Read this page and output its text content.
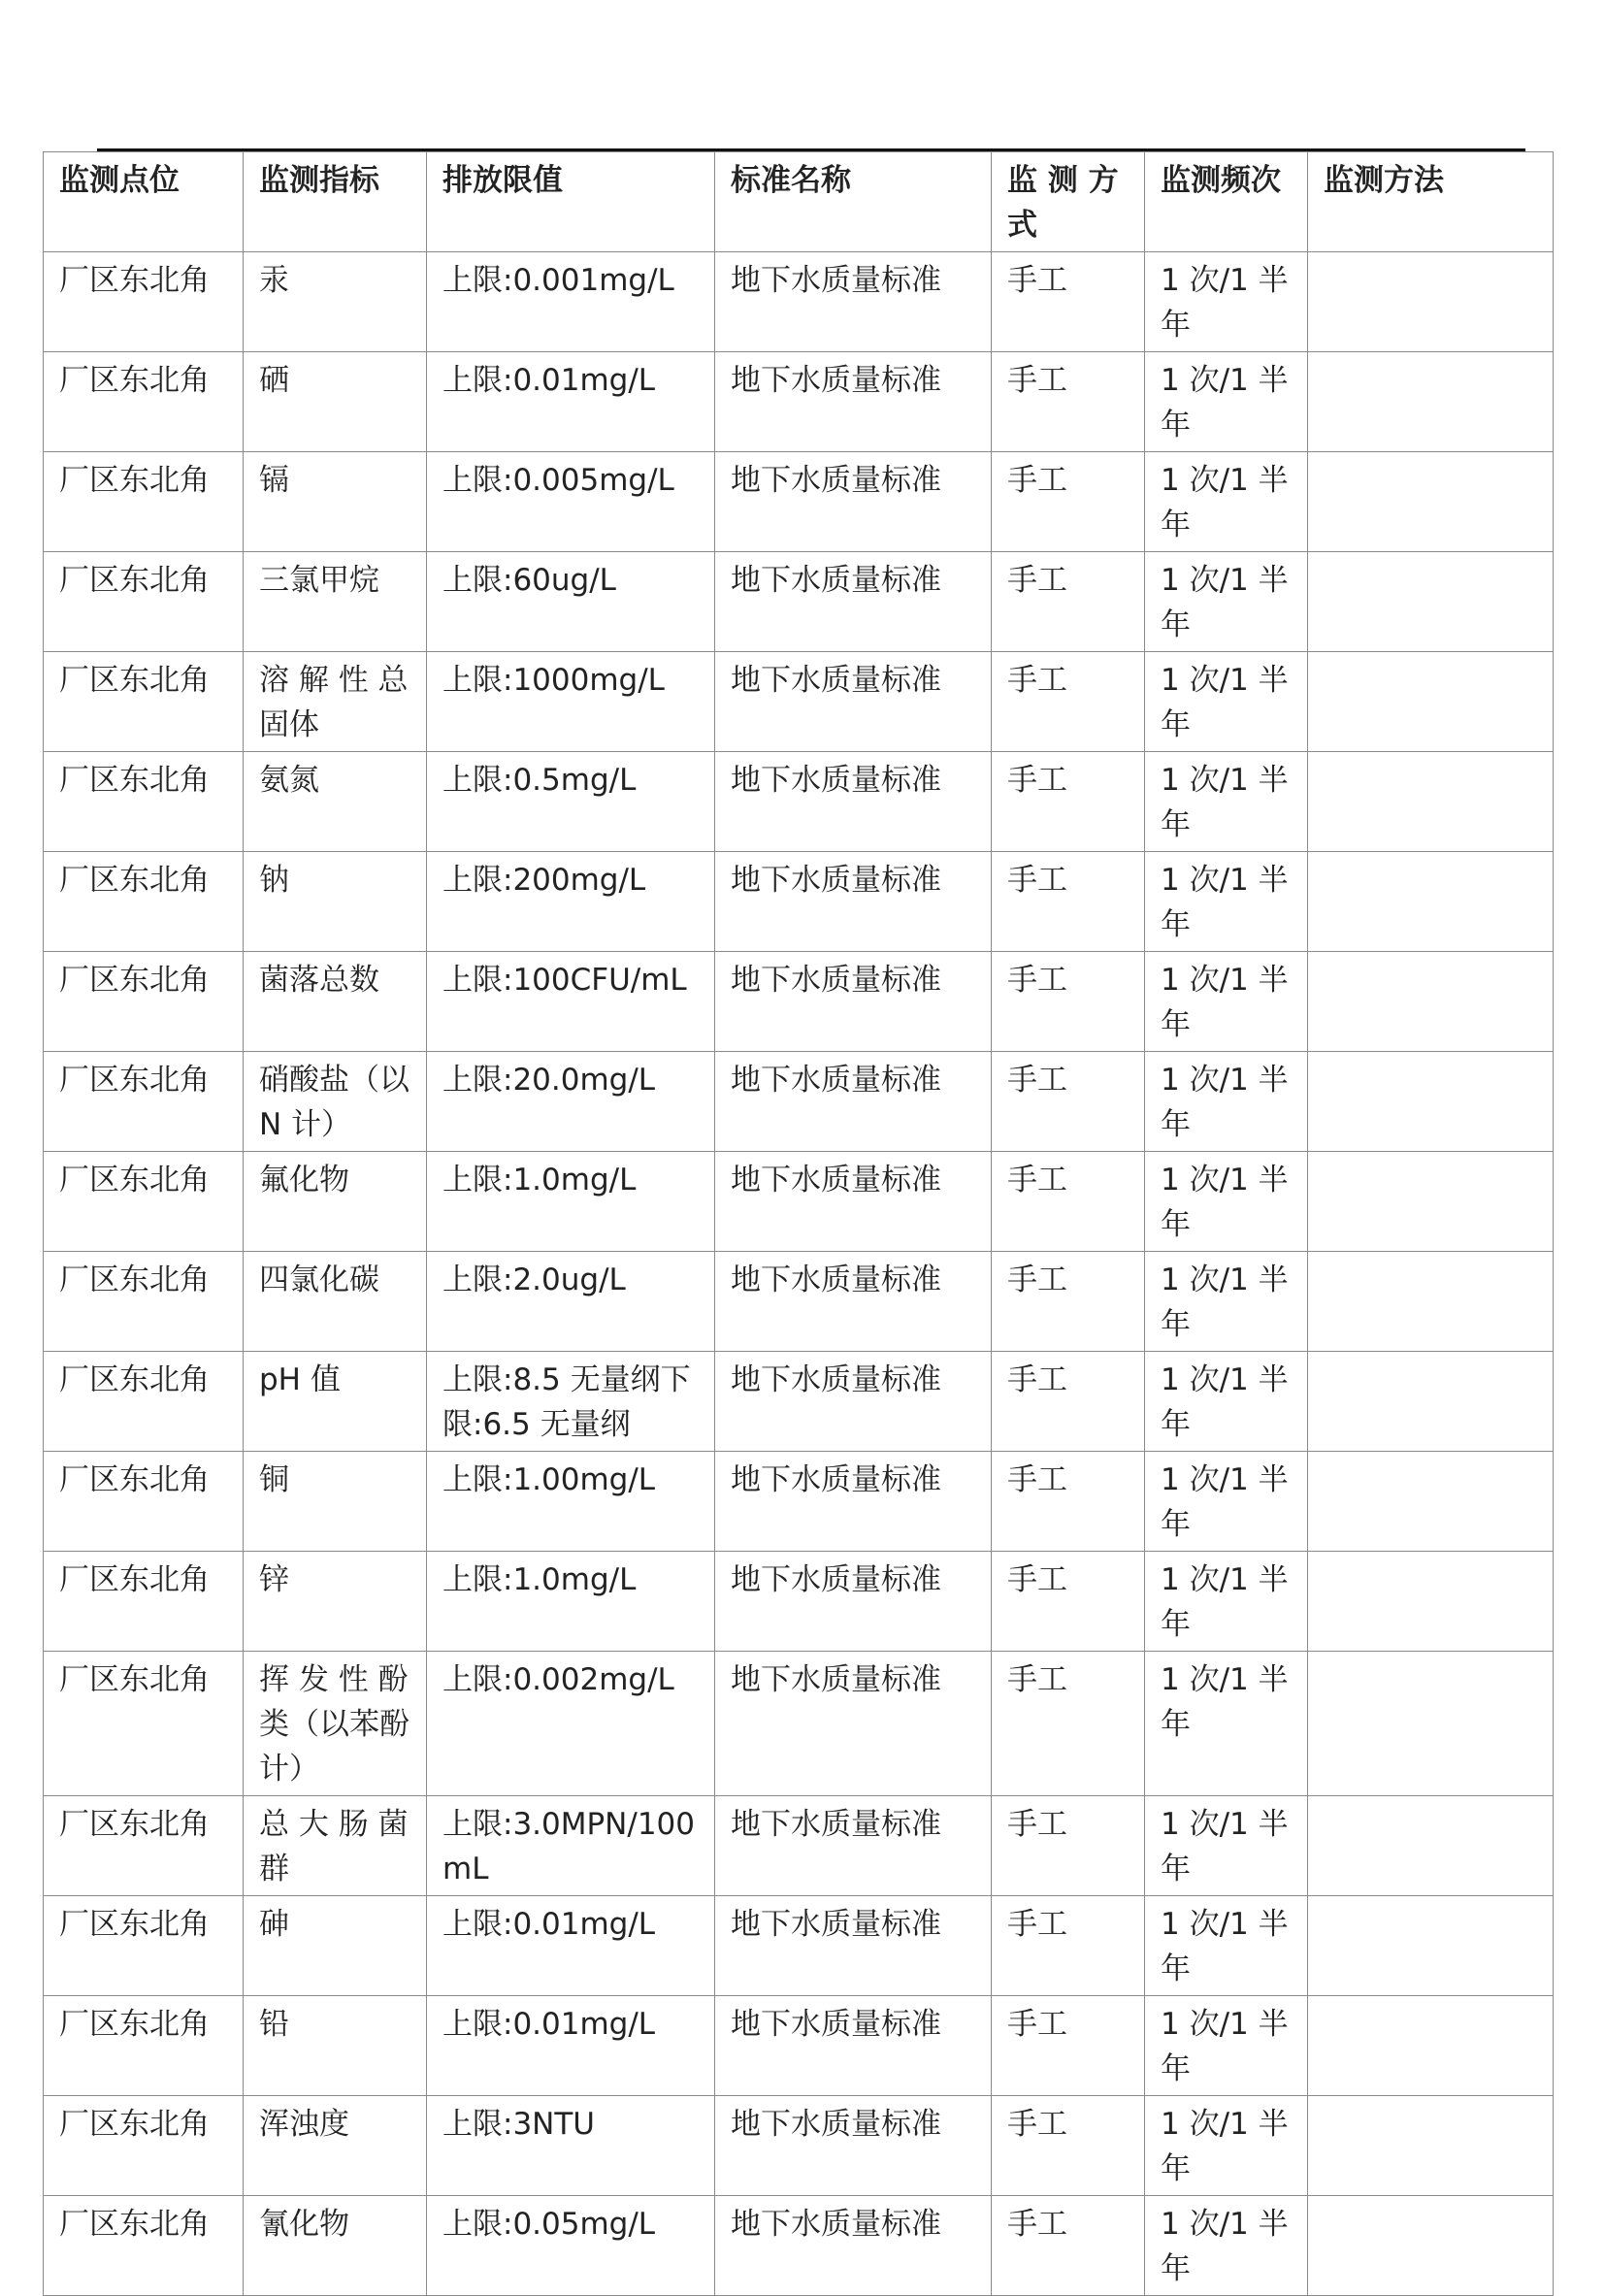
监测点位	监测指标	排放限值	标准名称	监 测 方式	监测频次	监测方法
厂区东北角	汞	上限:0.001mg/L	地下水质量标准	手工	1 次/1 半年	
厂区东北角	硒	上限:0.01mg/L	地下水质量标准	手工	1 次/1 半年	
厂区东北角	镉	上限:0.005mg/L	地下水质量标准	手工	1 次/1 半年	
厂区东北角	三氯甲烷	上限:60ug/L	地下水质量标准	手工	1 次/1 半年	
厂区东北角	溶 解 性 总固体	上限:1000mg/L	地下水质量标准	手工	1 次/1 半年	
厂区东北角	氨氮	上限:0.5mg/L	地下水质量标准	手工	1 次/1 半年	
厂区东北角	钠	上限:200mg/L	地下水质量标准	手工	1 次/1 半年	
厂区东北角	菌落总数	上限:100CFU/mL	地下水质量标准	手工	1 次/1 半年	
厂区东北角	硝酸盐（以N 计）	上限:20.0mg/L	地下水质量标准	手工	1 次/1 半年	
厂区东北角	氟化物	上限:1.0mg/L	地下水质量标准	手工	1 次/1 半年	
厂区东北角	四氯化碳	上限:2.0ug/L	地下水质量标准	手工	1 次/1 半年	
厂区东北角	pH 值	上限:8.5 无量纲下限:6.5 无量纲	地下水质量标准	手工	1 次/1 半年	
厂区东北角	铜	上限:1.00mg/L	地下水质量标准	手工	1 次/1 半年	
厂区东北角	锌	上限:1.0mg/L	地下水质量标准	手工	1 次/1 半年	
厂区东北角	挥 发 性 酚类（以苯酚计）	上限:0.002mg/L	地下水质量标准	手工	1 次/1 半年	
厂区东北角	总 大 肠 菌群	上限:3.0MPN/100mL	地下水质量标准	手工	1 次/1 半年	
厂区东北角	砷	上限:0.01mg/L	地下水质量标准	手工	1 次/1 半年	
厂区东北角	铅	上限:0.01mg/L	地下水质量标准	手工	1 次/1 半年	
厂区东北角	浑浊度	上限:3NTU	地下水质量标准	手工	1 次/1 半年	
厂区东北角	氰化物	上限:0.05mg/L	地下水质量标准	手工	1 次/1 半年	
